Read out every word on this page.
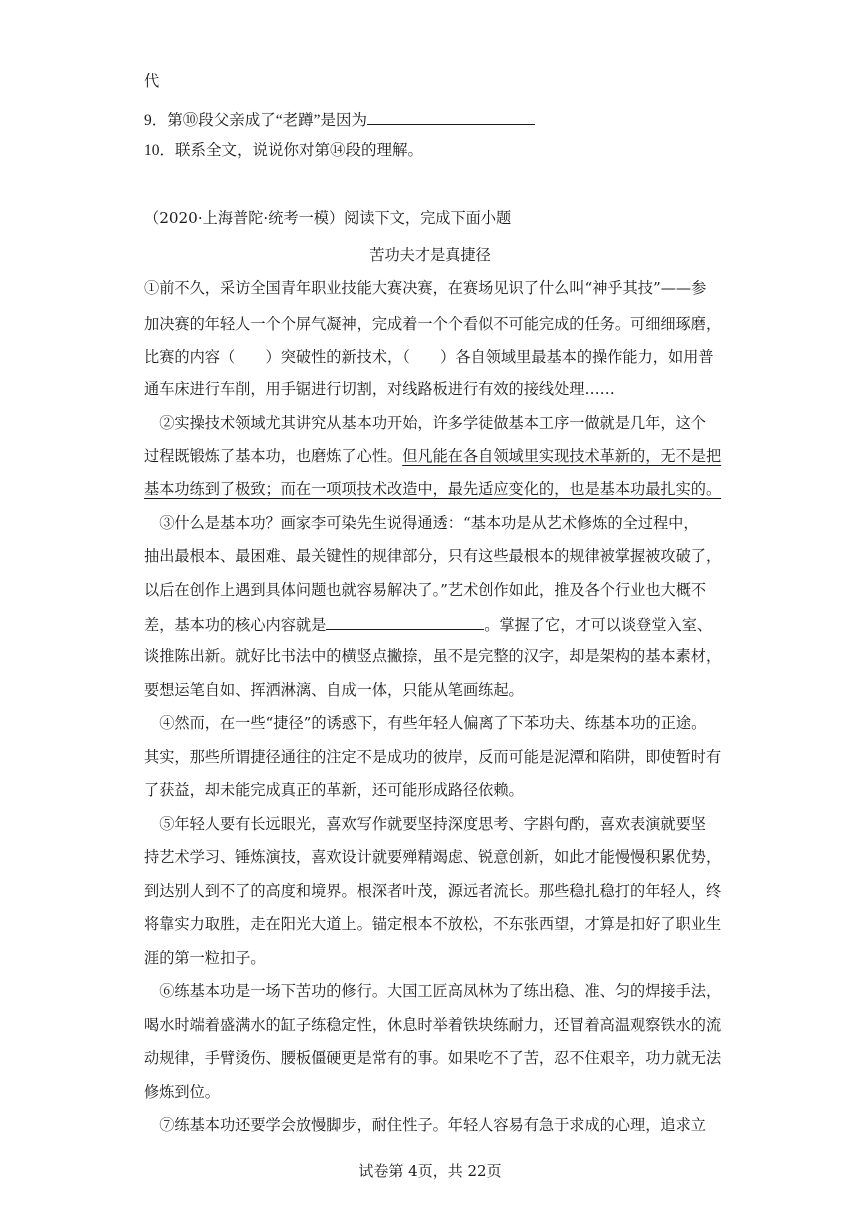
代
9．第⑩段父亲成了“老蹲”是因为
10．联系全文，说说你对第⑭段的理解。
（2020·上海普陀·统考一模）阅读下文，完成下面小题
苦功夫才是真捷径
①前不久，采访全国青年职业技能大赛决赛，在赛场见识了什么叫“神乎其技”——参
加决赛的年轻人一个个屏气凝神，完成着一个个看似不可能完成的任务。可细细琢磨，
比赛的内容（　　）突破性的新技术，（　　）各自领域里最基本的操作能力，如用普
通车床进行车削，用手锯进行切割，对线路板进行有效的接线处理……
　②实操技术领域尤其讲究从基本功开始，许多学徒做基本工序一做就是几年，这个
过程既锻炼了基本功，也磨炼了心性。但凡能在各自领域里实现技术革新的，无不是把
基本功练到了极致；而在一项项技术改造中，最先适应变化的，也是基本功最扎实的。
　③什么是基本功？画家李可染先生说得通透：“基本功是从艺术修炼的全过程中，
抽出最根本、最困难、最关键性的规律部分，只有这些最根本的规律被掌握被攻破了，
以后在创作上遇到具体问题也就容易解决了。”艺术创作如此，推及各个行业也大概不
差，基本功的核心内容就是	。掌握了它，才可以谈登堂入室、
谈推陈出新。就好比书法中的横竖点撇捺，虽不是完整的汉字，却是架构的基本素材，
要想运笔自如、挥洒淋漓、自成一体，只能从笔画练起。
　④然而，在一些“捷径”的诱惑下，有些年轻人偏离了下苯功夫、练基本功的正途。
其实，那些所谓捷径通往的注定不是成功的彼岸，反而可能是泥潭和陷阱，即使暂时有
了获益，却未能完成真正的革新，还可能形成路径依赖。
　⑤年轻人要有长远眼光，喜欢写作就要坚持深度思考、字斟句酌，喜欢表演就要坚
持艺术学习、锤炼演技，喜欢设计就要殚精竭虑、锐意创新，如此才能慢慢积累优势，
到达别人到不了的高度和境界。根深者叶茂，源远者流长。那些稳扎稳打的年轻人，终
将靠实力取胜，走在阳光大道上。锚定根本不放松，不东张西望，才算是扣好了职业生
涯的第一粒扣子。
　⑥练基本功是一场下苦功的修行。大国工匠高凤林为了练出稳、准、匀的焊接手法，
喝水时端着盛满水的缸子练稳定性，休息时举着铁块练耐力，还冒着高温观察铁水的流
动规律，手臂烫伤、腰板僵硬更是常有的事。如果吃不了苦，忍不住艰辛，功力就无法
修炼到位。
　⑦练基本功还要学会放慢脚步，耐住性子。年轻人容易有急于求成的心理，追求立
试卷第 4页，共 22页
